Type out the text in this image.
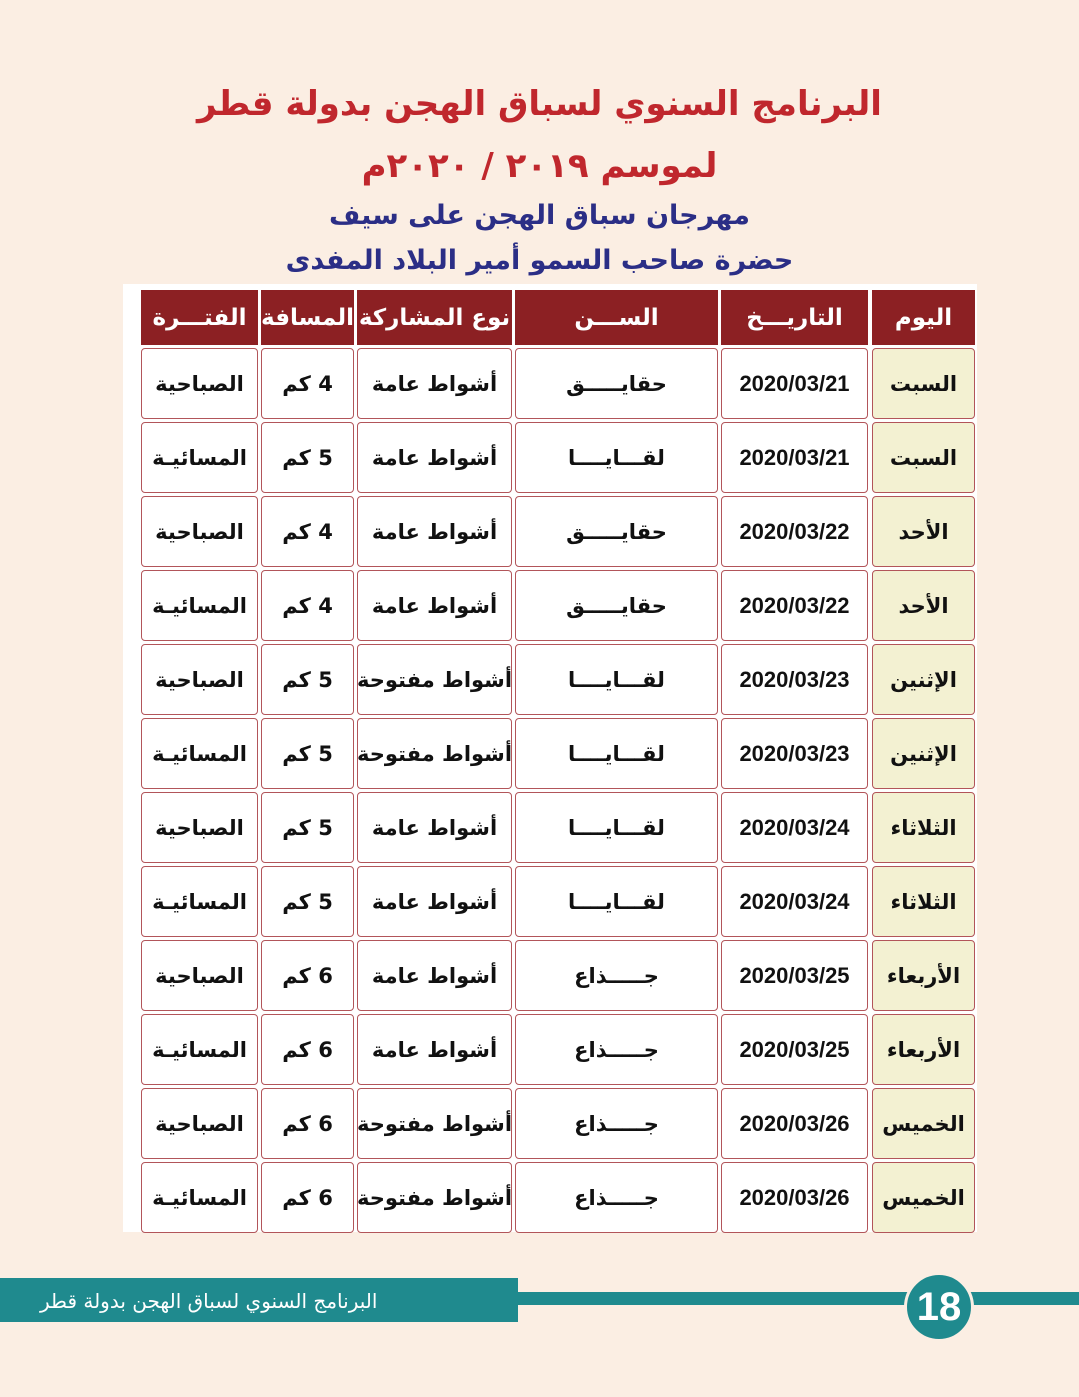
البرنامج السنوي لسباق الهجن بدولة قطر
لموسم ٢٠١٩ / ٢٠٢٠م
مهرجان سباق الهجن على سيف
حضرة صاحب السمو أمير البلاد المفدى
اليوم
التاريـــخ
الســـن
نوع المشاركة
المسافة
الفتـــرة
السبت
2020/03/21
حقايـــــق
أشواط عامة
4 كم
الصباحية
السبت
2020/03/21
لقـــايــــا
أشواط عامة
5 كم
المسائيـة
الأحد
2020/03/22
حقايـــــق
أشواط عامة
4 كم
الصباحية
الأحد
2020/03/22
حقايـــــق
أشواط عامة
4 كم
المسائيـة
الإثنين
2020/03/23
لقـــايــــا
أشواط مفتوحة
5 كم
الصباحية
الإثنين
2020/03/23
لقـــايــــا
أشواط مفتوحة
5 كم
المسائيـة
الثلاثاء
2020/03/24
لقـــايــــا
أشواط عامة
5 كم
الصباحية
الثلاثاء
2020/03/24
لقـــايــــا
أشواط عامة
5 كم
المسائيـة
الأربعاء
2020/03/25
جـــــذاع
أشواط عامة
6 كم
الصباحية
الأربعاء
2020/03/25
جـــــذاع
أشواط عامة
6 كم
المسائيـة
الخميس
2020/03/26
جـــــذاع
أشواط مفتوحة
6 كم
الصباحية
الخميس
2020/03/26
جـــــذاع
أشواط مفتوحة
6 كم
المسائيـة
البرنامج السنوي لسباق الهجن بدولة قطر	18
